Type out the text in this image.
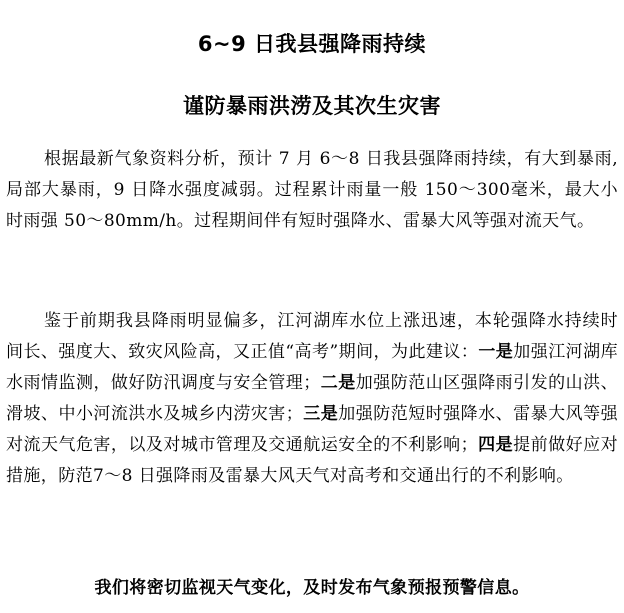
6~9 日我县强降雨持续
谨防暴雨洪涝及其次生灾害

根据最新气象资料分析，预计 7 月 6～8 日我县强降雨持续，有大到暴雨,局部大暴雨，9 日降水强度减弱。过程累计雨量一般 150～300毫米，最大小时雨强 50～80mm/h。过程期间伴有短时强降水、雷暴大风等强对流天气。

鉴于前期我县降雨明显偏多，江河湖库水位上涨迅速，本轮强降水持续时间长、强度大、致灾风险高，又正值“高考”期间，为此建议：一是加强江河湖库水雨情监测，做好防汛调度与安全管理；二是加强防范山区强降雨引发的山洪、滑坡、中小河流洪水及城乡内涝灾害；三是加强防范短时强降水、雷暴大风等强对流天气危害，以及对城市管理及交通航运安全的不利影响；四是提前做好应对措施，防范7～8 日强降雨及雷暴大风天气对高考和交通出行的不利影响。

我们将密切监视天气变化，及时发布气象预报预警信息。
